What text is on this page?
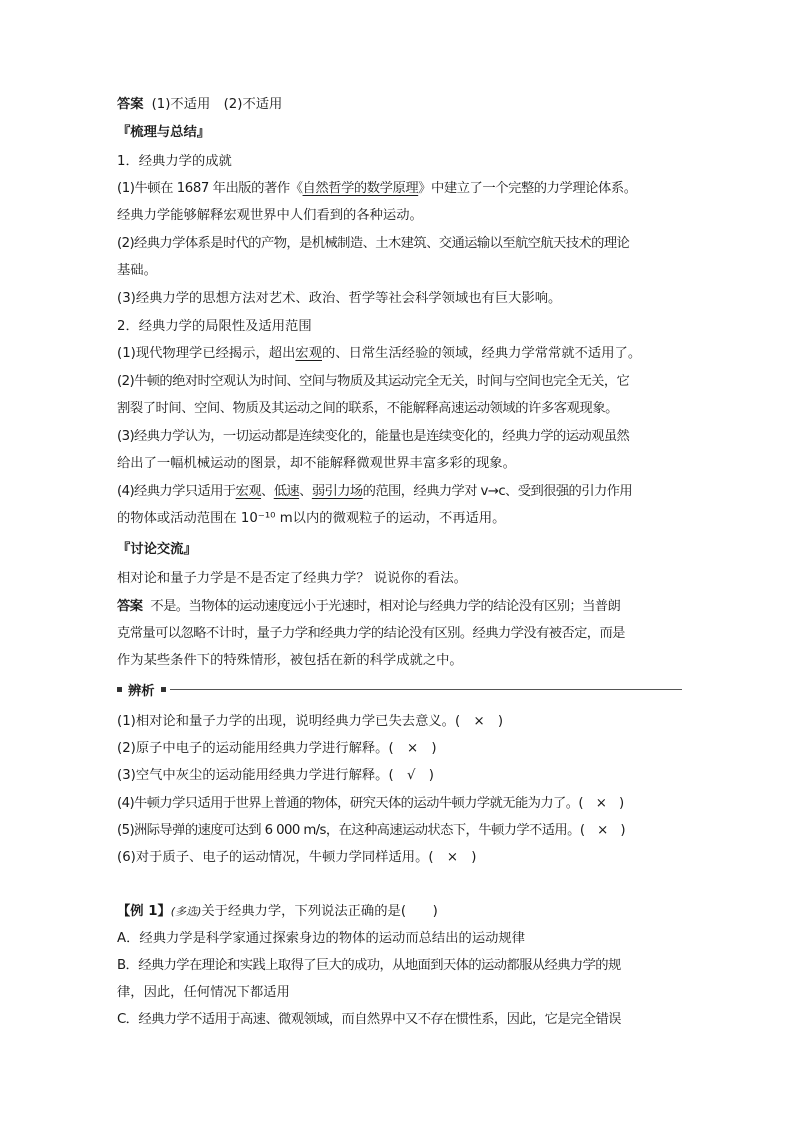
答案 (1)不适用　(2)不适用
『梳理与总结』
1．经典力学的成就
(1)牛顿在 1687 年出版的著作《自然哲学的数学原理》中建立了一个完整的力学理论体系。
经典力学能够解释宏观世界中人们看到的各种运动。
(2)经典力学体系是时代的产物，是机械制造、土木建筑、交通运输以至航空航天技术的理论
基础。
(3)经典力学的思想方法对艺术、政治、哲学等社会科学领域也有巨大影响。
2．经典力学的局限性及适用范围
(1)现代物理学已经揭示，超出宏观的、日常生活经验的领域，经典力学常常就不适用了。
(2)牛顿的绝对时空观认为时间、空间与物质及其运动完全无关，时间与空间也完全无关，它
割裂了时间、空间、物质及其运动之间的联系，不能解释高速运动领域的许多客观现象。
(3)经典力学认为，一切运动都是连续变化的，能量也是连续变化的，经典力学的运动观虽然
给出了一幅机械运动的图景，却不能解释微观世界丰富多彩的现象。
(4)经典力学只适用于宏观、低速、弱引力场的范围，经典力学对 v→c、受到很强的引力作用
的物体或活动范围在 10⁻¹⁰ m以内的微观粒子的运动，不再适用。
『讨论交流』
相对论和量子力学是不是否定了经典力学？ 说说你的看法。
答案 不是。当物体的运动速度远小于光速时，相对论与经典力学的结论没有区别；当普朗
克常量可以忽略不计时，量子力学和经典力学的结论没有区别。经典力学没有被否定，而是
作为某些条件下的特殊情形，被包括在新的科学成就之中。
辨析
(1)相对论和量子力学的出现，说明经典力学已失去意义。(　×　)
(2)原子中电子的运动能用经典力学进行解释。(　×　)
(3)空气中灰尘的运动能用经典力学进行解释。(　√　)
(4)牛顿力学只适用于世界上普通的物体，研究天体的运动牛顿力学就无能为力了。(　×　)
(5)洲际导弹的速度可达到 6 000 m/s，在这种高速运动状态下，牛顿力学不适用。(　×　)
(6)对于质子、电子的运动情况，牛顿力学同样适用。(　×　)
【例 1】(多选)关于经典力学，下列说法正确的是(　　)
A．经典力学是科学家通过探索身边的物体的运动而总结出的运动规律
B．经典力学在理论和实践上取得了巨大的成功，从地面到天体的运动都服从经典力学的规
律，因此，任何情况下都适用
C．经典力学不适用于高速、微观领域，而自然界中又不存在惯性系，因此，它是完全错误
